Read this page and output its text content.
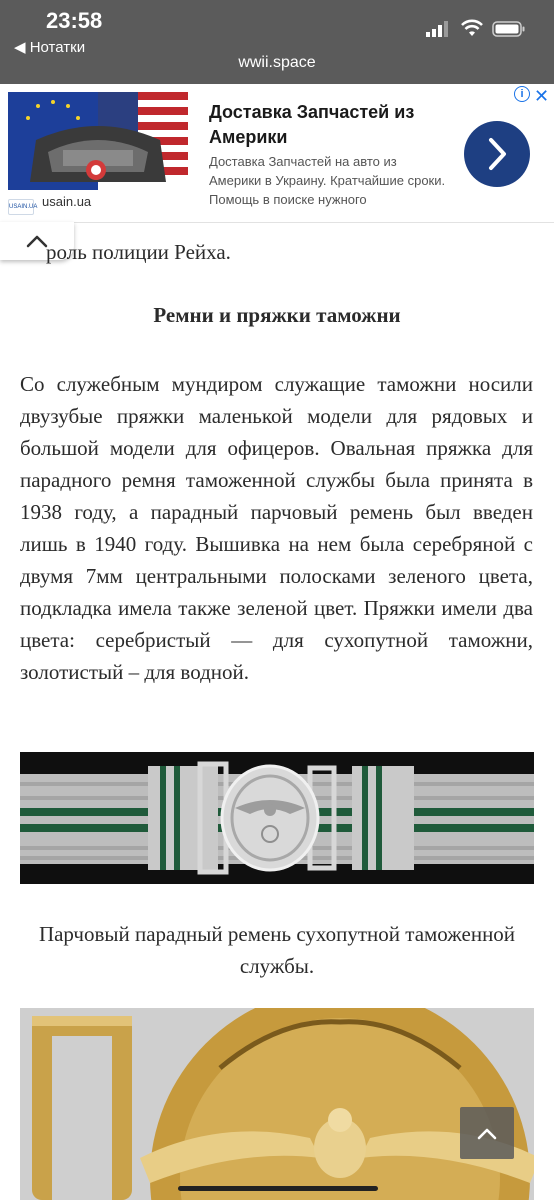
23:58
◀ Нотатки
wwii.space
USAIN.UA usain.ua
Доставка Запчастей из Америки
Доставка Запчастей на авто из Америки в Украину. Кратчайшие сроки. Помощь в поиске нужного
i ✕
роль полиции Рейха.
Ремни и пряжки таможни
Со служебным мундиром служащие таможни носили двузубые пряжки маленькой модели для рядовых и большой модели для офицеров. Овальная пряжка для парадного ремня таможенной службы была принята в 1938 году, а парадный парчовый ремень был введен лишь в 1940 году. Вышивка на нем была серебряной с двумя 7мм центральными полосками зеленого цвета, подкладка имела также зеленой цвет. Пряжки имели два цвета: серебристый — для сухопутной таможни, золотистый – для водной.
Парчовый парадный ремень сухопутной таможенной службы.
